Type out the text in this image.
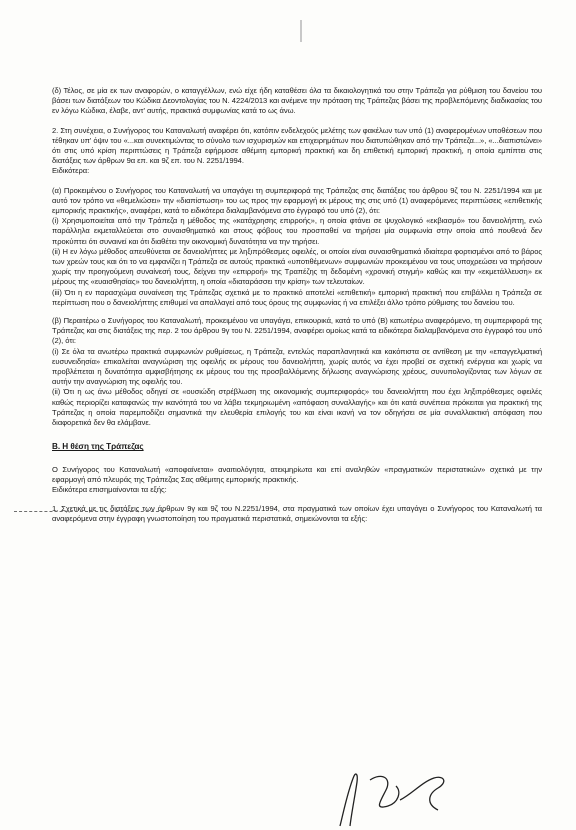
(δ) Τέλος, σε μία εκ των αναφορών, ο καταγγέλλων, ενώ είχε ήδη καταθέσει όλα τα δικαιολογητικά του στην Τράπεζα για ρύθμιση του δανείου του βάσει των διατάξεων του Κώδικα Δεοντολογίας του Ν. 4224/2013 και ανέμενε την πρόταση της Τράπεζας βάσει της προβλεπόμενης διαδικασίας του εν λόγω Κώδικα, έλαβε, αντ' αυτής, πρακτικά συμφωνίας κατά το ως άνω.

2. Στη συνέχεια, ο Συνήγορος του Καταναλωτή αναφέρει ότι, κατόπιν ενδελεχούς μελέτης των φακέλων των υπό (1) αναφερομένων υποθέσεων που τέθηκαν υπ' όψιν του «...και συνεκτιμώντας το σύνολο των ισχυρισμών και επιχειρημάτων που διατυπώθηκαν από την Τράπεζα...», «...διαπιστώνει» ότι στις υπό κρίση περιπτώσεις η Τράπεζα εφήρμοσε αθέμιτη εμπορική πρακτική και δη επιθετική εμπορική πρακτική, η οποία εμπίπτει στις διατάξεις των άρθρων 9α επ. και 9ζ επ. του Ν. 2251/1994.

Ειδικότερα:

(α) Προκειμένου ο Συνήγορος του Καταναλωτή να υπαγάγει τη συμπεριφορά της Τράπεζας στις διατάξεις του άρθρου 9ζ του Ν. 2251/1994 και με αυτό τον τρόπο να «θεμελιώσει» την «διαπίστωση» του ως προς την εφαρμογή εκ μέρους της στις υπό (1) αναφερόμενες περιπτώσεις «επιθετικής εμπορικής πρακτικής», αναφέρει, κατά το ειδικότερα διαλαμβανόμενα στο έγγραφό του υπό (2), ότι:

(i) Χρησιμοποιείται από την Τράπεζα η μέθοδος της «κατάχρησης επιρροής», η οποία φτάνει σε ψυχολογικό «εκβιασμό» του δανειολήπτη, ενώ παράλληλα εκμεταλλεύεται στο συναισθηματικό και στους φόβους του προσπαθεί να τηρήσει μία συμφωνία στην οποία από πουθενά δεν προκύπτει ότι συναινεί και ότι διαθέτει την οικονομική δυνατότητα να την τηρήσει.

(ii) Η εν λόγω μέθοδος απευθύνεται σε δανειολήπτες με ληξιπρόθεσμες οφειλές, οι οποίοι είναι συναισθηματικά ιδιαίτερα φορτισμένοι από το βάρος των χρεών τους και ότι το να εμφανίζει η Τράπεζα σε αυτούς πρακτικά «υποτιθέμενων» συμφωνιών προκειμένου να τους υποχρεώσει να τηρήσουν χωρίς την προηγούμενη συναίνεσή τους, δείχνει την «επιρροή» της Τραπέζης τη δεδομένη «χρονική στιγμή» καθώς και την «εκμετάλλευση» εκ μέρους της «ευαισθησίας» του δανειολήπτη, η οποία «διαταράσσει την κρίση» των τελευταίων.

(iii) Ότι η εν παρασχώμα συναίνεση της Τράπεζας σχετικά με το πρακτικό αποτελεί «επιθετική» εμπορική πρακτική που επιβάλλει η Τράπεζα σε περίπτωση που ο δανειολήπτης επιθυμεί να απαλλαγεί από τους όρους της συμφωνίας ή να επιλέξει άλλο τρόπο ρύθμισης του δανείου του.

(β) Περαιτέρω ο Συνήγορος του Καταναλωτή, προκειμένου να υπαγάγει, επικουρικά, κατά το υπό (Β) κατωτέρω αναφερόμενο, τη συμπεριφορά της Τράπεζας και στις διατάξεις της περ. 2 του άρθρου 9γ του Ν. 2251/1994, αναφέρει ομοίως κατά τα ειδικότερα διαλαμβανόμενα στο έγγραφό του υπό (2), ότι:

(i) Σε όλα τα ανωτέρω πρακτικά συμφωνιών ρυθμίσεως, η Τράπεζα, εντελώς παραπλανητικά και κακόπιστα σε αντίθεση με την «επαγγελματική ευσυνειδησία» επικαλείται αναγνώριση της οφειλής εκ μέρους του δανειολήπτη, χωρίς αυτός να έχει προβεί σε σχετική ενέργεια και χωρίς να προβλέπεται η δυνατότητα αμφισβήτησης εκ μέρους του της προσβαλλόμενης δήλωσης αναγνώρισης χρέους, συνυπολογίζοντας των λόγων σε αυτήν την αναγνώριση της οφειλής του.

(ii) Ότι η ως άνω μέθοδος οδηγεί σε «ουσιώδη στρέβλωση της οικονομικής συμπεριφοράς» του δανειολήπτη που έχει ληξιπρόθεσμες οφειλές καθώς περιορίζει καταφανώς την ικανότητά του να λάβει τεκμηριωμένη «απόφαση συναλλαγής» και ότι κατά συνέπεια πρόκειται για πρακτική της Τράπεζας η οποία παρεμποδίζει σημαντικά την ελευθερία επιλογής του και είναι ικανή να τον οδηγήσει σε μία συναλλακτική απόφαση που διαφορετικά δεν θα ελάμβανε.

Β. Η θέση της Τράπεζας

Ο Συνήγορος του Καταναλωτή «αποφαίνεται» αναιτιολόγητα, ατεκμηρίωτα και επί αναληθών «πραγματικών περιστατικών» σχετικά με την εφαρμογή από πλευράς της Τράπεζας Σας αθέμιτης εμπορικής πρακτικής.

Ειδικότερα επισημαίνονται τα εξής:

1. Σχετικά με τις διατάξεις των άρθρων 9γ και 9ζ του Ν.2251/1994, στα πραγματικά των οποίων έχει υπαγάγει ο Συνήγορος του Καταναλωτή τα αναφερόμενα στην έγγραφη γνωστοποίηση του πραγματικά περιστατικά, σημειώνονται τα εξής:
